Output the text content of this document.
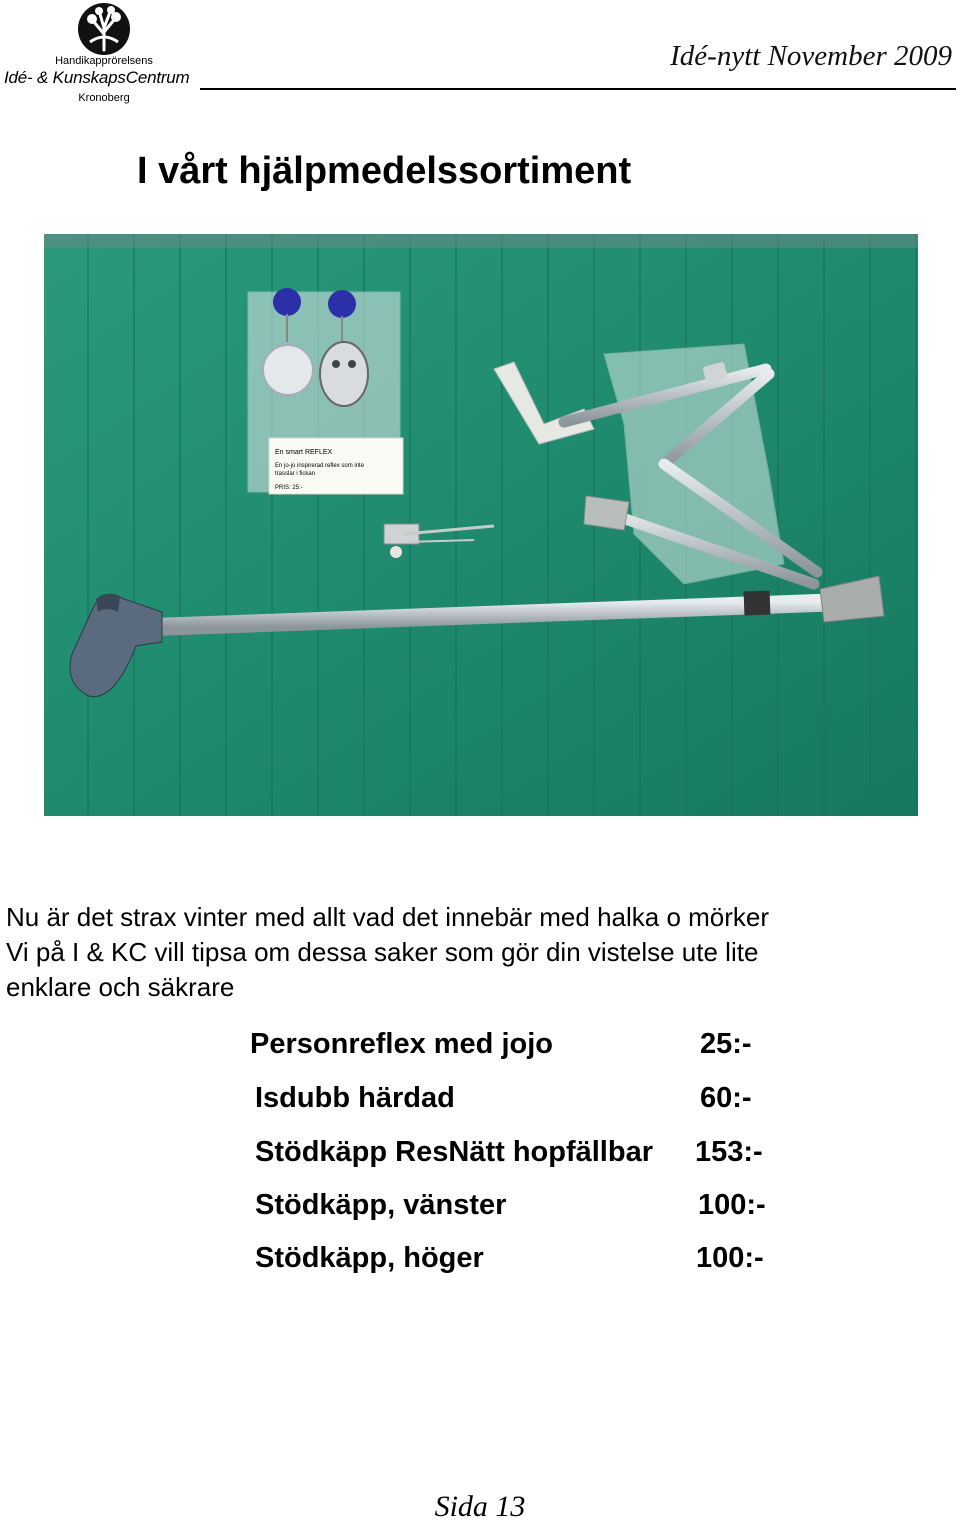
Handikapprörelsens
Idé- & KunskapsCentrum
Kronoberg
Idé-nytt November 2009
I vårt hjälpmedelssortiment
En smart REFLEX
En jo-jo inspirerad reflex som inte
trasslar i fickan
PRIS: 25:-
Nu är det strax vinter med allt vad det innebär med halka o mörker
Vi på I & KC vill tipsa om dessa saker som gör din vistelse ute lite
enklare och säkrare
Personreflex med jojo	25:-
Isdubb härdad	60:-
Stödkäpp ResNätt hopfällbar 153:-
Stödkäpp, vänster	100:-
Stödkäpp, höger	100:-
Sida 13
